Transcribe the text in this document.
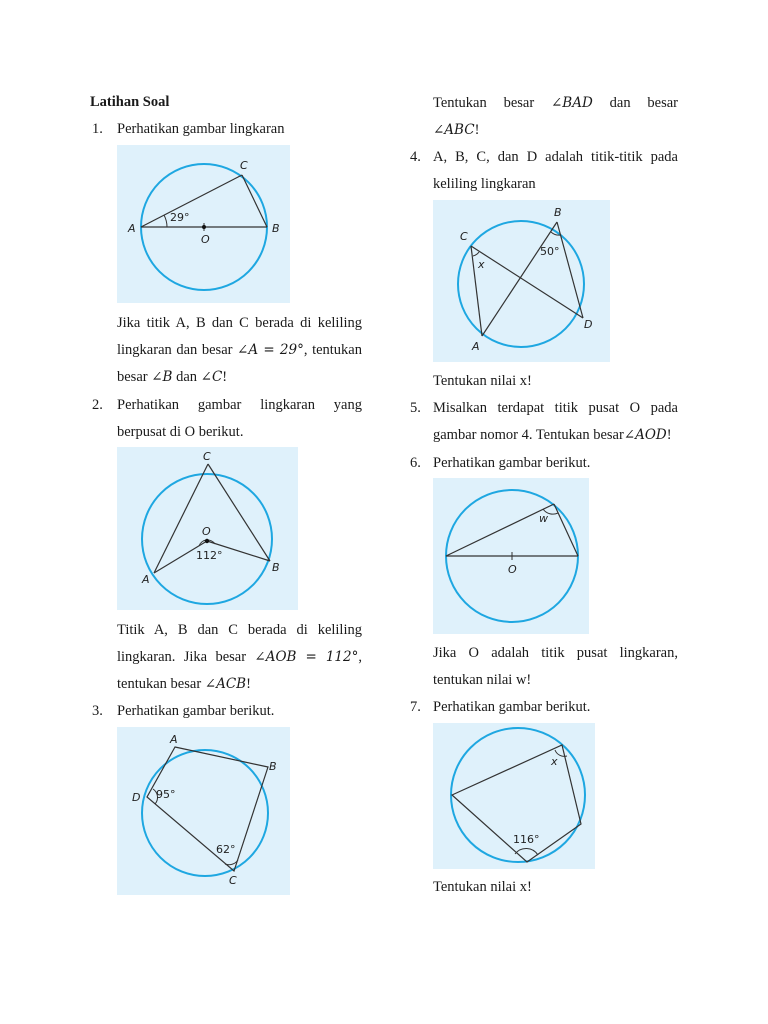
Latihan Soal
1. Perhatikan gambar lingkaran
A	B
C
O
29°
Jika titik A, B dan C berada di keliling
lingkaran dan besar ∠A = 29°, tentukan
besar ∠B dan ∠C!
2. Perhatikan gambar lingkaran yang
berpusat di O berikut.
A
B
C
O
112°
Titik A, B dan C berada di keliling
lingkaran. Jika besar ∠AOB = 112°,
tentukan besar ∠ACB!
3. Perhatikan gambar berikut.
A
B
C
D 95°
62°
Tentukan besar ∠BAD dan besar
∠ABC!
4. A, B, C, dan D adalah titik-titik pada
keliling lingkaran
A
B
C
D
50°
x
Tentukan nilai x!
5. Misalkan terdapat titik pusat O pada
gambar nomor 4. Tentukan besar∠AOD!
6. Perhatikan gambar berikut.
O
w
Jika O adalah titik pusat lingkaran,
tentukan nilai w!
7. Perhatikan gambar berikut.
x
116°
Tentukan nilai x!
